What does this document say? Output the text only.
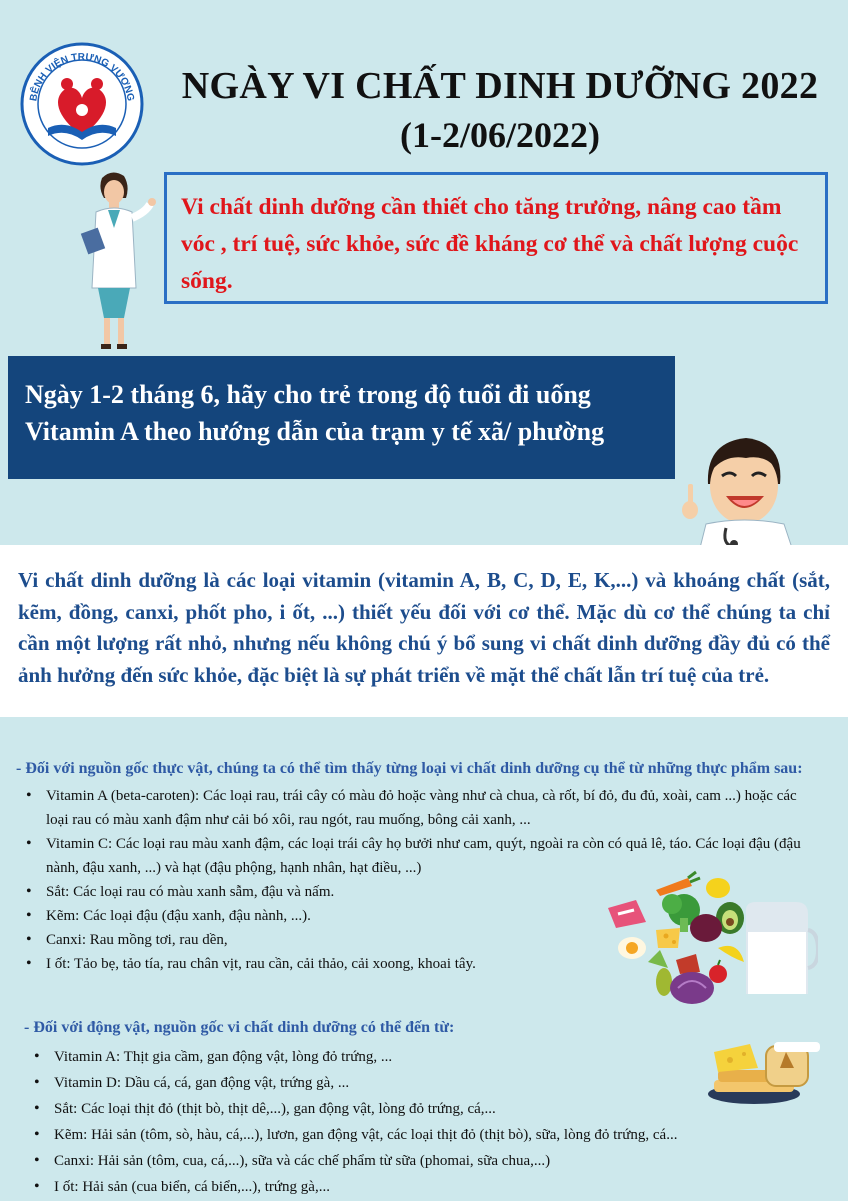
BỆNH VIỆN TRƯNG VƯƠNG	NGÀY VI CHẤT DINH DƯỠNG 2022

(1-2/06/2022)

Vi chất dinh dưỡng cần thiết cho tăng trưởng, nâng cao tầm vóc , trí tuệ, sức khỏe, sức đề kháng cơ thể và chất lượng cuộc sống.
Ngày 1-2 tháng 6, hãy cho trẻ trong độ tuổi đi uống
Vitamin A theo hướng dẫn của trạm y tế xã/ phường
Vi chất dinh dưỡng là các loại vitamin (vitamin A, B, C, D, E, K,...) và khoáng chất (sắt, kẽm, đồng, canxi, phốt pho, i ốt, ...) thiết yếu đối với cơ thể. Mặc dù cơ thể chúng ta chỉ cần một lượng rất nhỏ, nhưng nếu không chú ý bổ sung vi chất dinh dưỡng đầy đủ có thể ảnh hưởng đến sức khỏe, đặc biệt là sự phát triển về mặt thể chất lẫn trí tuệ của trẻ.
- Đối với nguồn gốc thực vật, chúng ta có thể tìm thấy từng loại vi chất dinh dưỡng cụ thể từ những thực phẩm sau:
• Vitamin A (beta-caroten): Các loại rau, trái cây có màu đỏ hoặc vàng như cà chua, cà rốt, bí đỏ, đu đủ, xoài, cam ...) hoặc các loại rau có màu xanh đậm như cải bó xôi, rau ngót, rau muống, bông cải xanh, ...
• Vitamin C: Các loại rau màu xanh đậm, các loại trái cây họ bưởi như cam, quýt, ngoài ra còn có quả lê, táo. Các loại đậu (đậu nành, đậu xanh, ...) và hạt (đậu phộng, hạnh nhân, hạt điều, ...)
• Sắt: Các loại rau có màu xanh sẫm, đậu và nấm.
• Kẽm: Các loại đậu (đậu xanh, đậu nành, ...).
• Canxi: Rau mồng tơi, rau dền,
• I ốt: Tảo bẹ, tảo tía, rau chân vịt, rau cần, cải thảo, cải xoong, khoai tây.
- Đối với động vật, nguồn gốc vi chất dinh dưỡng có thể đến từ:
• Vitamin A: Thịt gia cầm, gan động vật, lòng đỏ trứng, ...
• Vitamin D: Dầu cá, cá, gan động vật, trứng gà, ...
• Sắt: Các loại thịt đỏ (thịt bò, thịt dê,...), gan động vật, lòng đỏ trứng, cá,...
• Kẽm: Hải sản (tôm, sò, hàu, cá,...), lươn, gan động vật, các loại thịt đỏ (thịt bò), sữa, lòng đỏ trứng, cá...
• Canxi: Hải sản (tôm, cua, cá,...), sữa và các chế phẩm từ sữa (phomai, sữa chua,...)
• I ốt: Hải sản (cua biển, cá biển,...), trứng gà,...
